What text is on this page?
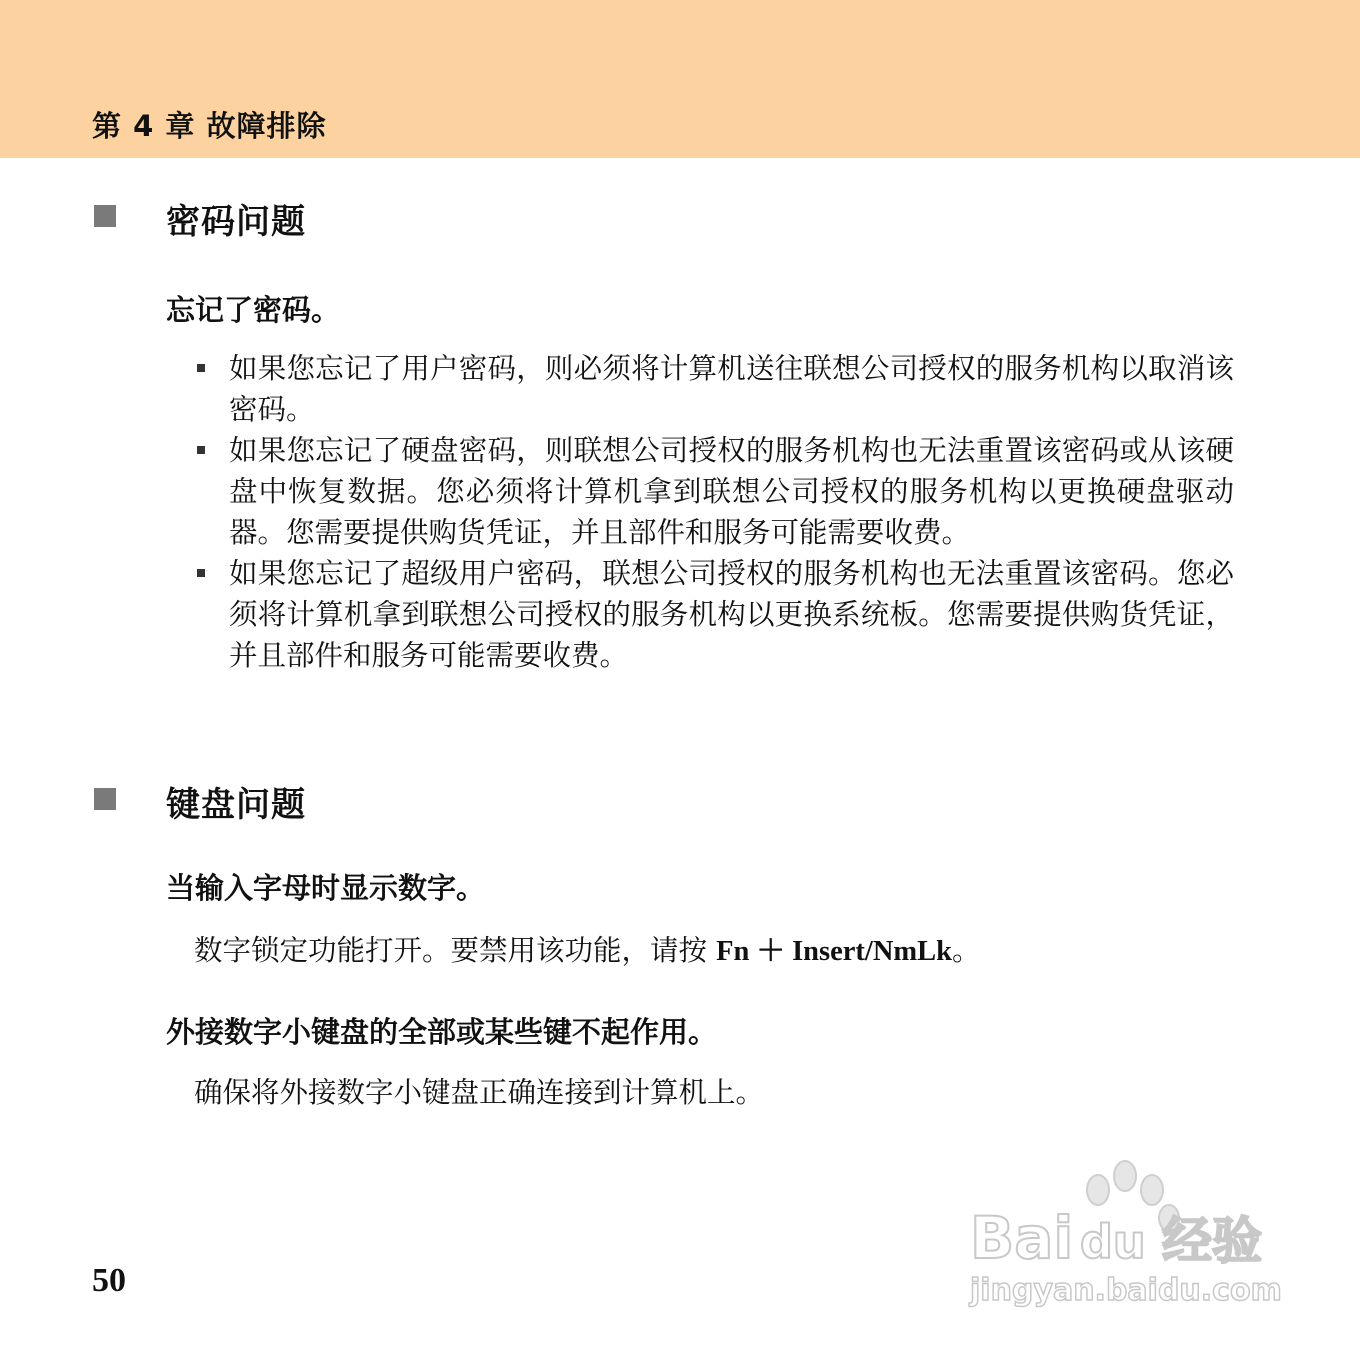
第 4 章 故障排除
密码问题
忘记了密码。
如果您忘记了用户密码，则必须将计算机送往联想公司授权的服务机构以取消该密码。
如果您忘记了硬盘密码，则联想公司授权的服务机构也无法重置该密码或从该硬盘中恢复数据。您必须将计算机拿到联想公司授权的服务机构以更换硬盘驱动器。您需要提供购货凭证，并且部件和服务可能需要收费。
如果您忘记了超级用户密码，联想公司授权的服务机构也无法重置该密码。您必须将计算机拿到联想公司授权的服务机构以更换系统板。您需要提供购货凭证，并且部件和服务可能需要收费。
键盘问题
当输入字母时显示数字。
数字锁定功能打开。要禁用该功能，请按 Fn ＋ Insert/NmLk。
外接数字小键盘的全部或某些键不起作用。
确保将外接数字小键盘正确连接到计算机上。
50
Bai du 经验
jingyan.baidu.com
